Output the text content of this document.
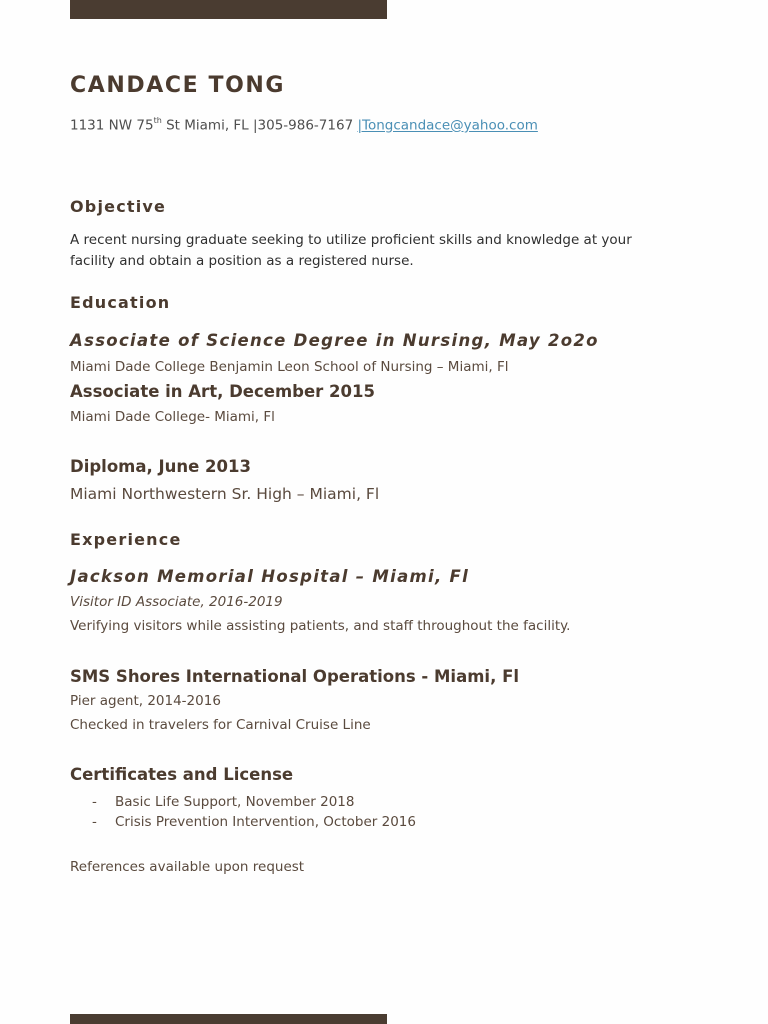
CANDACE TONG
1131 NW 75th St Miami, FL |305-986-7167 |Tongcandace@yahoo.com
Objective
A recent nursing graduate seeking to utilize proficient skills and knowledge at your facility and obtain a position as a registered nurse.
Education
Associate of Science Degree in Nursing, May 2o2o
Miami Dade College Benjamin Leon School of Nursing – Miami, Fl
Associate in Art, December 2015
Miami Dade College- Miami, Fl
Diploma, June 2013
Miami Northwestern Sr. High – Miami, Fl
Experience
Jackson Memorial Hospital – Miami, Fl
Visitor ID Associate, 2016-2019
Verifying visitors while assisting patients, and staff throughout the facility.
SMS Shores International Operations - Miami, Fl
Pier agent, 2014-2016
Checked in travelers for Carnival Cruise Line
Certificates and License
- Basic Life Support, November 2018
- Crisis Prevention Intervention, October 2016
References available upon request
